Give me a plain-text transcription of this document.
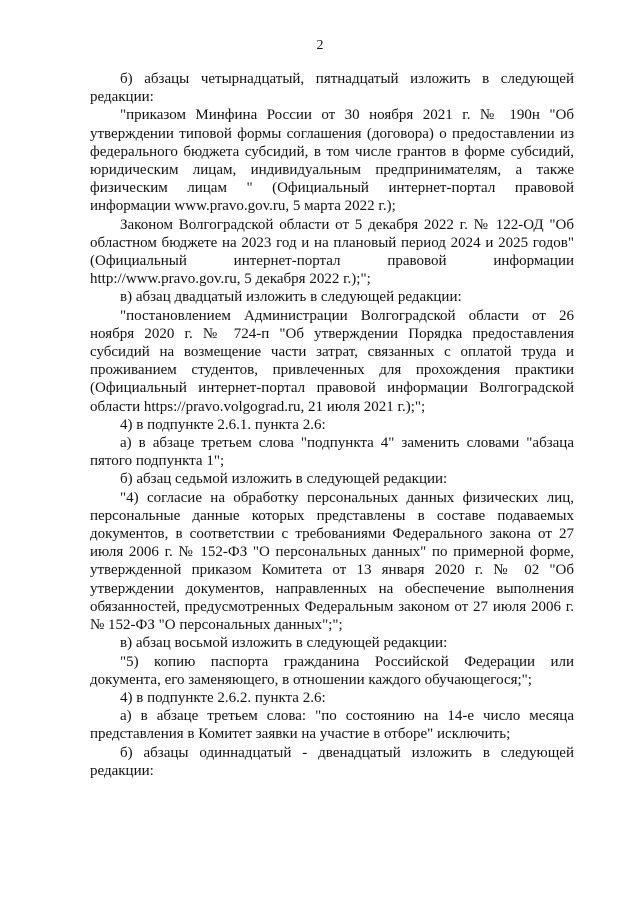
2

б) абзацы четырнадцатый, пятнадцатый изложить в следующей редакции:

"приказом Минфина России от 30 ноября 2021 г. № 190н "Об утверждении типовой формы соглашения (договора) о предоставлении из федерального бюджета субсидий, в том числе грантов в форме субсидий, юридическим лицам, индивидуальным предпринимателям, а также физическим лицам " (Официальный интернет-портал правовой информации www.pravo.gov.ru, 5 марта 2022 г.);

Законом Волгоградской области от 5 декабря 2022 г. № 122-ОД "Об областном бюджете на 2023 год и на плановый период 2024 и 2025 годов" (Официальный интернет-портал правовой информации http://www.pravo.gov.ru, 5 декабря 2022 г.);";

в) абзац двадцатый изложить в следующей редакции:

"постановлением Администрации Волгоградской области от 26 ноября 2020 г. № 724-п "Об утверждении Порядка предоставления субсидий на возмещение части затрат, связанных с оплатой труда и проживанием студентов, привлеченных для прохождения практики (Официальный интернет-портал правовой информации Волгоградской области https://pravo.volgograd.ru, 21 июля 2021 г.);";

4) в подпункте 2.6.1. пункта 2.6:

а) в абзаце третьем слова "подпункта 4" заменить словами "абзаца пятого подпункта 1";

б) абзац седьмой изложить в следующей редакции:

"4) согласие на обработку персональных данных физических лиц, персональные данные которых представлены в составе подаваемых документов, в соответствии с требованиями Федерального закона от 27 июля 2006 г. № 152-ФЗ "О персональных данных" по примерной форме, утвержденной приказом Комитета от 13 января 2020 г. № 02 "Об утверждении документов, направленных на обеспечение выполнения обязанностей, предусмотренных Федеральным законом от 27 июля 2006 г. № 152-ФЗ "О персональных данных";";

в) абзац восьмой изложить в следующей редакции:

"5) копию паспорта гражданина Российской Федерации или документа, его заменяющего, в отношении каждого обучающегося;";

4) в подпункте 2.6.2. пункта 2.6:

а) в абзаце третьем слова: "по состоянию на 14-е число месяца представления в Комитет заявки на участие в отборе" исключить;

б) абзацы одиннадцатый - двенадцатый изложить в следующей редакции:
